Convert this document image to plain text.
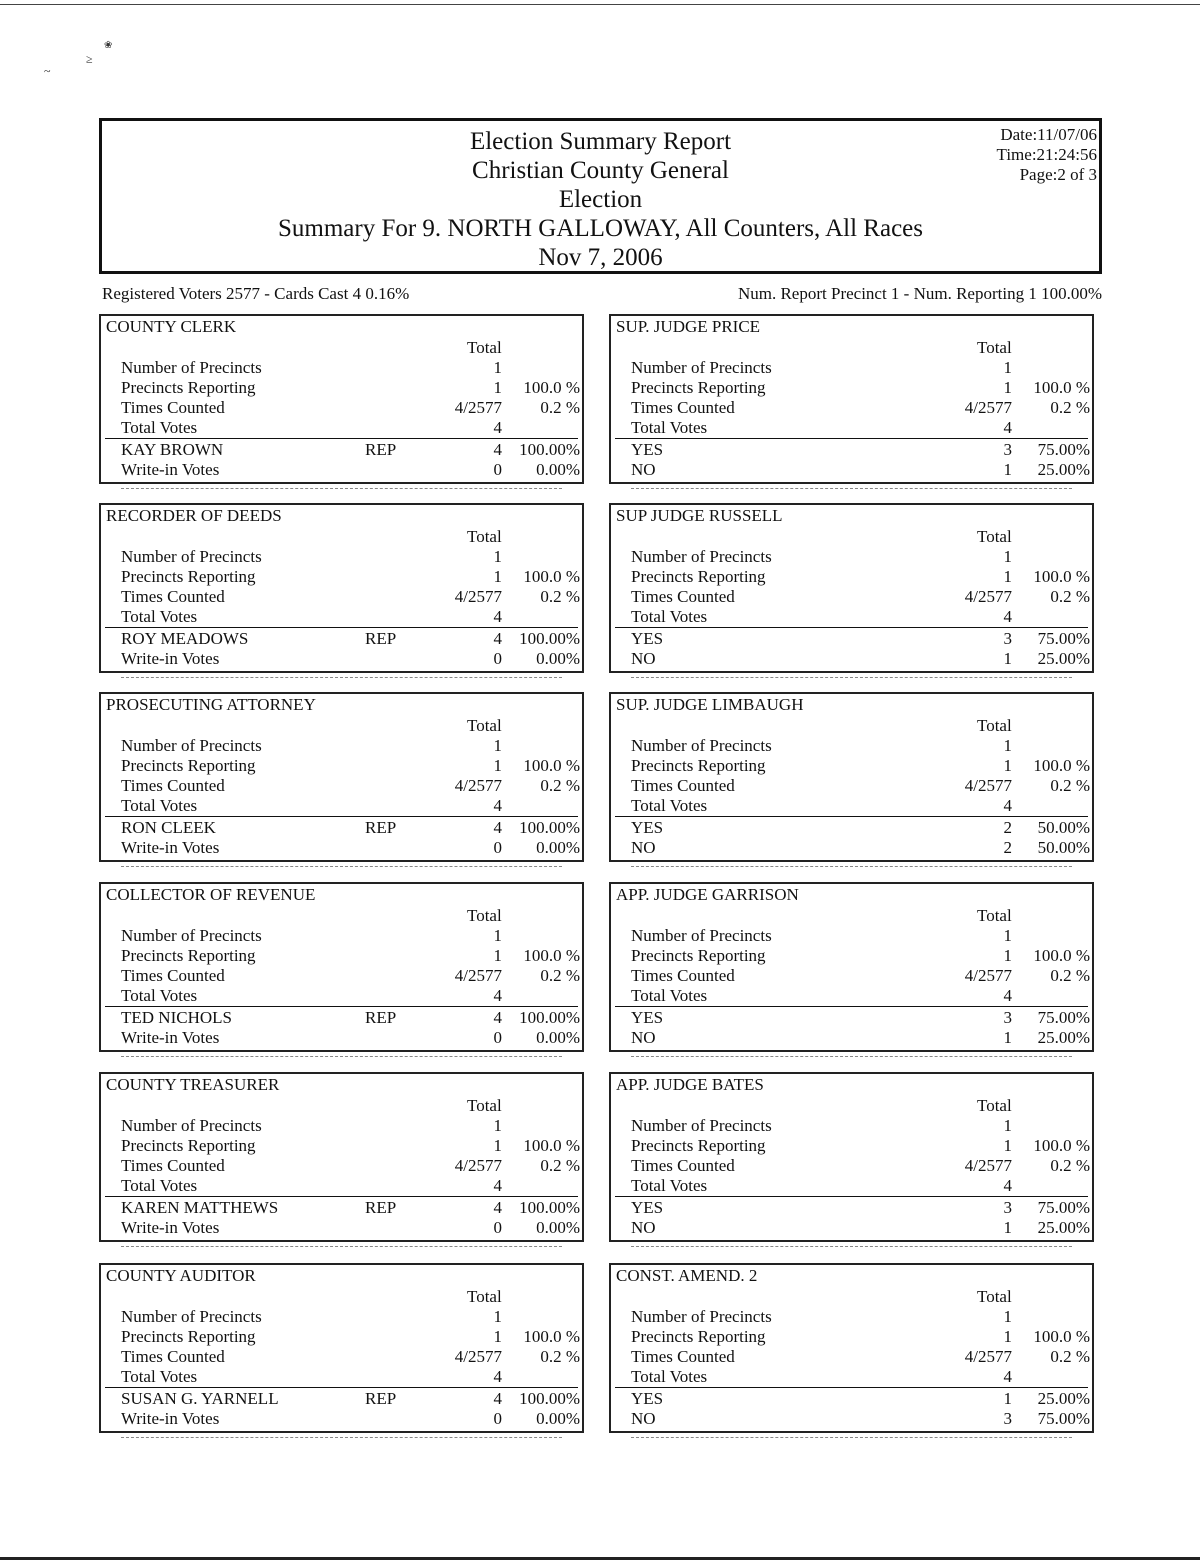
~
≥
❀
Election Summary Report
Christian County General
Election
Summary For 9. NORTH GALLOWAY, All Counters, All Races
Nov 7, 2006
Date:11/07/06
Time:21:24:56
Page:2 of 3
Registered Voters 2577 - Cards Cast 4 0.16%	Num. Report Precinct 1 - Num. Reporting 1 100.00%
COUNTY CLERK
Total
Number of Precincts	1
Precincts Reporting	1 100.0 %
Times Counted	4/2577 0.2 %
Total Votes	4
KAY BROWN	REP	4 100.00%
Write-in Votes	0 0.00%
SUP. JUDGE PRICE
Total
Number of Precincts	1
Precincts Reporting	1 100.0 %
Times Counted	4/2577 0.2 %
Total Votes	4
YES	3 75.00%
NO	1 25.00%
RECORDER OF DEEDS
Total
Number of Precincts	1
Precincts Reporting	1 100.0 %
Times Counted	4/2577 0.2 %
Total Votes	4
ROY MEADOWS	REP	4 100.00%
Write-in Votes	0 0.00%
SUP JUDGE RUSSELL
Total
Number of Precincts	1
Precincts Reporting	1 100.0 %
Times Counted	4/2577 0.2 %
Total Votes	4
YES	3 75.00%
NO	1 25.00%
PROSECUTING ATTORNEY
Total
Number of Precincts	1
Precincts Reporting	1 100.0 %
Times Counted	4/2577 0.2 %
Total Votes	4
RON CLEEK	REP	4 100.00%
Write-in Votes	0 0.00%
SUP. JUDGE LIMBAUGH
Total
Number of Precincts	1
Precincts Reporting	1 100.0 %
Times Counted	4/2577 0.2 %
Total Votes	4
YES	2 50.00%
NO	2 50.00%
COLLECTOR OF REVENUE
Total
Number of Precincts	1
Precincts Reporting	1 100.0 %
Times Counted	4/2577 0.2 %
Total Votes	4
TED NICHOLS	REP	4 100.00%
Write-in Votes	0 0.00%
APP. JUDGE GARRISON
Total
Number of Precincts	1
Precincts Reporting	1 100.0 %
Times Counted	4/2577 0.2 %
Total Votes	4
YES	3 75.00%
NO	1 25.00%
COUNTY TREASURER
Total
Number of Precincts	1
Precincts Reporting	1 100.0 %
Times Counted	4/2577 0.2 %
Total Votes	4
KAREN MATTHEWS	REP	4 100.00%
Write-in Votes	0 0.00%
APP. JUDGE BATES
Total
Number of Precincts	1
Precincts Reporting	1 100.0 %
Times Counted	4/2577 0.2 %
Total Votes	4
YES	3 75.00%
NO	1 25.00%
COUNTY AUDITOR
Total
Number of Precincts	1
Precincts Reporting	1 100.0 %
Times Counted	4/2577 0.2 %
Total Votes	4
SUSAN G. YARNELL	REP	4 100.00%
Write-in Votes	0 0.00%
CONST. AMEND. 2
Total
Number of Precincts	1
Precincts Reporting	1 100.0 %
Times Counted	4/2577 0.2 %
Total Votes	4
YES	1 25.00%
NO	3 75.00%
